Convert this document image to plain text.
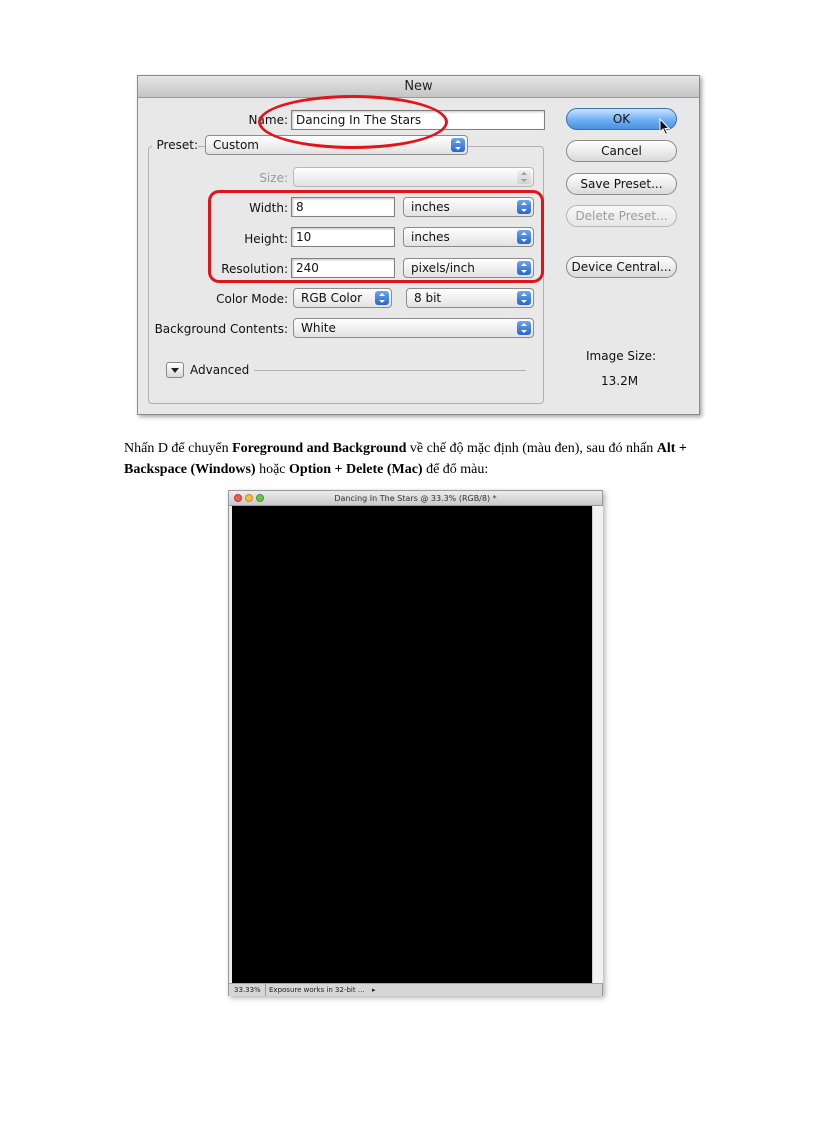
New
Name: Dancing In The Stars
Preset:	Custom
Size:
Width: 8	inches
Height: 10	inches
Resolution: 240	pixels/inch
Color Mode:	RGB Color	8 bit
Background Contents:	White
Advanced
OK
Cancel
Save Preset...
Delete Preset...
Device Central...
Image Size:
13.2M

Nhấn D để chuyển Foreground and Background về chế độ mặc định (màu đen), sau đó nhấn Alt + Backspace (Windows) hoặc Option + Delete (Mac) để đổ màu:

Dancing In The Stars @ 33.3% (RGB/8) *
33.33%	Exposure works in 32-bit ... ▸
